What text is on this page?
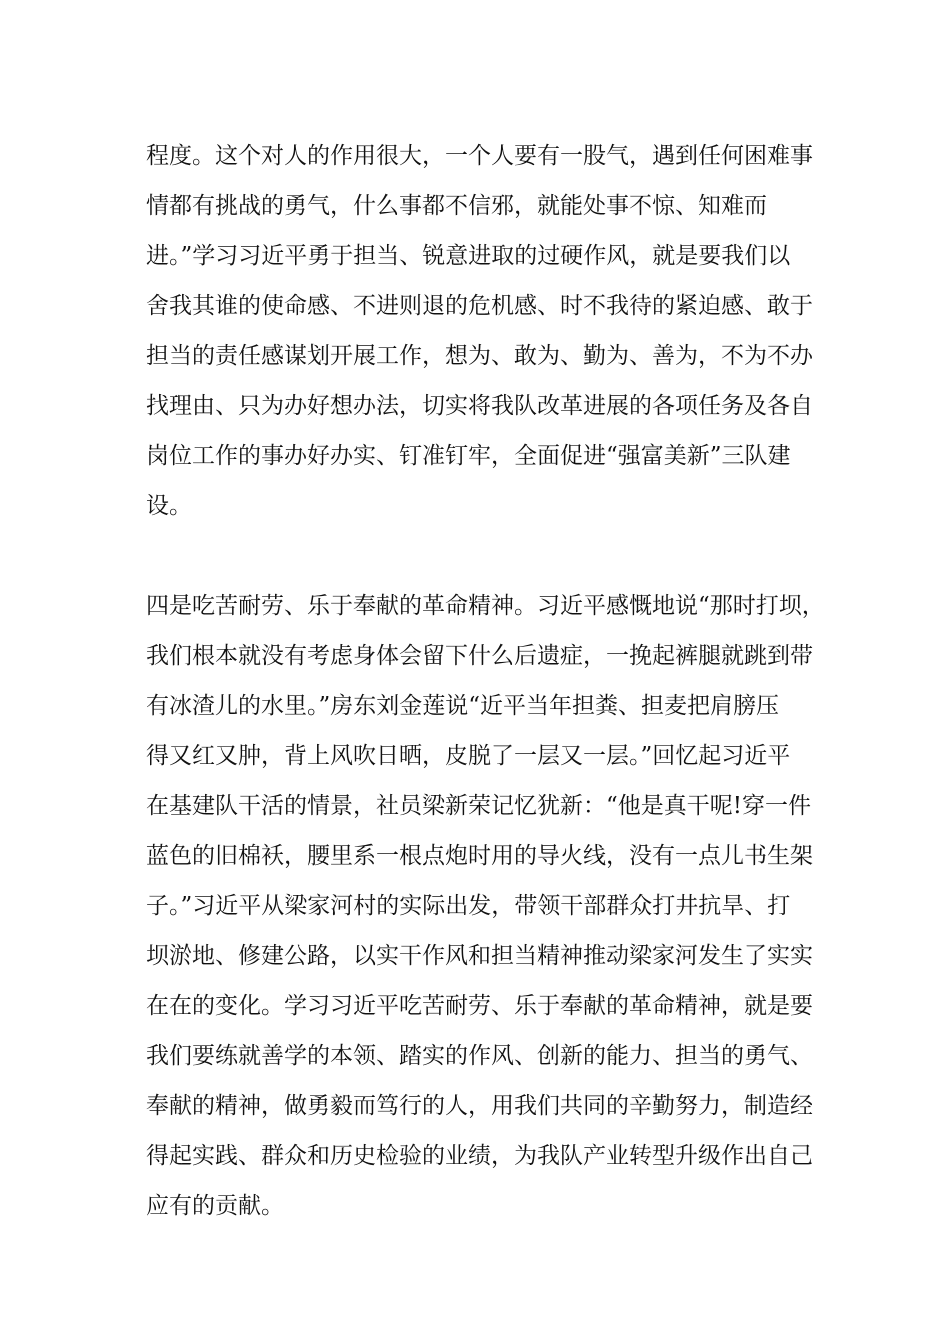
程度。这个对人的作用很大，一个人要有一股气，遇到任何困难事
情都有挑战的勇气，什么事都不信邪，就能处事不惊、知难而
进。”学习习近平勇于担当、锐意进取的过硬作风，就是要我们以
舍我其谁的使命感、不进则退的危机感、时不我待的紧迫感、敢于
担当的责任感谋划开展工作，想为、敢为、勤为、善为，不为不办
找理由、只为办好想办法，切实将我队改革进展的各项任务及各自
岗位工作的事办好办实、钉准钉牢，全面促进“强富美新”三队建
设。
四是吃苦耐劳、乐于奉献的革命精神。习近平感慨地说“那时打坝，
我们根本就没有考虑身体会留下什么后遗症，一挽起裤腿就跳到带
有冰渣儿的水里。”房东刘金莲说“近平当年担粪、担麦把肩膀压
得又红又肿，背上风吹日晒，皮脱了一层又一层。”回忆起习近平
在基建队干活的情景，社员梁新荣记忆犹新：“他是真干呢!穿一件
蓝色的旧棉袄，腰里系一根点炮时用的导火线，没有一点儿书生架
子。”习近平从梁家河村的实际出发，带领干部群众打井抗旱、打
坝淤地、修建公路，以实干作风和担当精神推动梁家河发生了实实
在在的变化。学习习近平吃苦耐劳、乐于奉献的革命精神，就是要
我们要练就善学的本领、踏实的作风、创新的能力、担当的勇气、
奉献的精神，做勇毅而笃行的人，用我们共同的辛勤努力，制造经
得起实践、群众和历史检验的业绩，为我队产业转型升级作出自己
应有的贡献。
